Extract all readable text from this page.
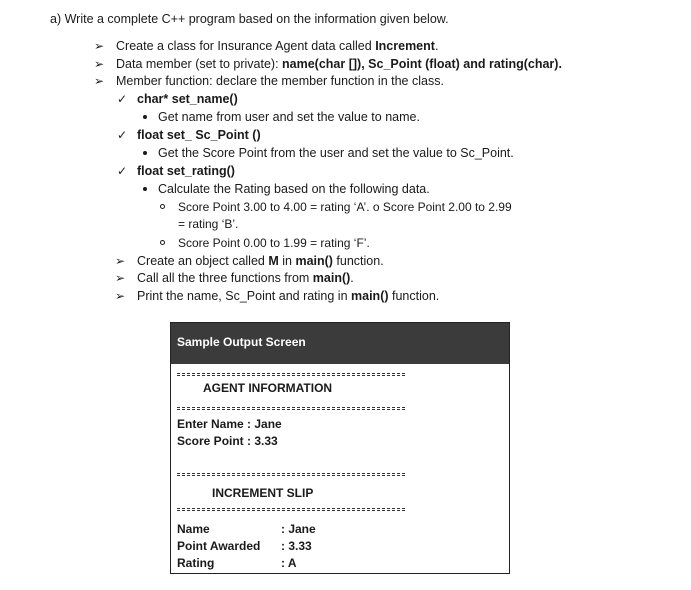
a) Write a complete C++ program based on the information given below.
➢ Create a class for Insurance Agent data called Increment.
➢ Data member (set to private): name(char []), Sc_Point (float) and rating(char).
➢ Member function: declare the member function in the class.
✓ char* set_name()
Get name from user and set the value to name.
✓ float set_ Sc_Point ()
Get the Score Point from the user and set the value to Sc_Point.
✓ float set_rating()
Calculate the Rating based on the following data.
Score Point 3.00 to 4.00 = rating ‘A’. o Score Point 2.00 to 2.99
= rating ‘B’.
Score Point 0.00 to 1.99 = rating ‘F’.
➢ Create an object called M in main() function.
➢ Call all the three functions from main().
➢ Print the name, Sc_Point and rating in main() function.
Sample Output Screen
AGENT INFORMATION
Enter Name : Jane
Score Point : 3.33
INCREMENT SLIP
Name	: Jane
Point Awarded : 3.33
Rating	: A
